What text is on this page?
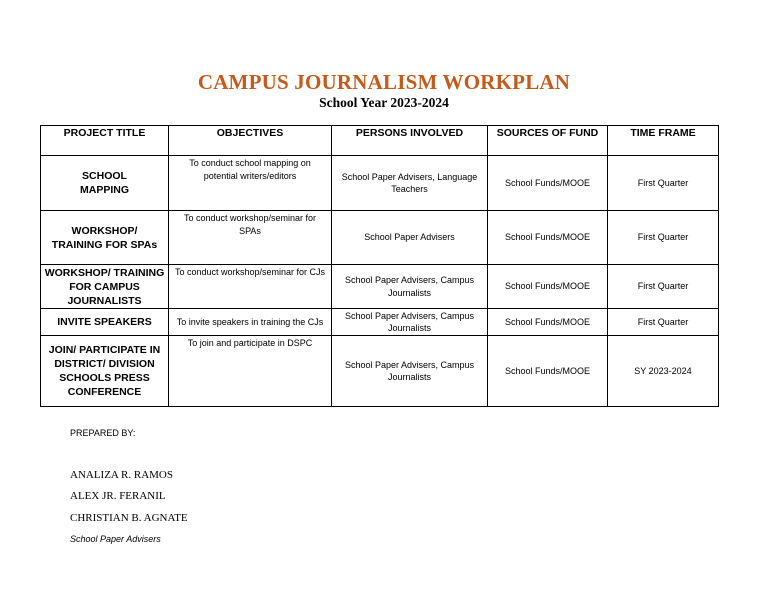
CAMPUS JOURNALISM WORKPLAN
School Year 2023-2024
PROJECT TITLE	OBJECTIVES	PERSONS INVOLVED	SOURCES OF FUND	TIME FRAME

SCHOOL MAPPING	To conduct school mapping on potential writers/editors	School Paper Advisers, Language Teachers	School Funds/MOOE	First Quarter

WORKSHOP/ TRAINING FOR SPAs	To conduct workshop/seminar for SPAs	School Paper Advisers	School Funds/MOOE	First Quarter

WORKSHOP/ TRAINING FOR CAMPUS JOURNALISTS	To conduct workshop/seminar for CJs	School Paper Advisers, Campus Journalists	School Funds/MOOE	First Quarter
INVITE SPEAKERS	To invite speakers in training the CJs	School Paper Advisers, Campus Journalists	School Funds/MOOE	First Quarter

JOIN/ PARTICIPATE IN DISTRICT/ DIVISION SCHOOLS PRESS CONFERENCE	To join and participate in DSPC	School Paper Advisers, Campus Journalists	School Funds/MOOE	SY 2023-2024
PREPARED BY:
ANALIZA R. RAMOS
ALEX JR. FERANIL
CHRISTIAN B. AGNATE
School Paper Advisers
